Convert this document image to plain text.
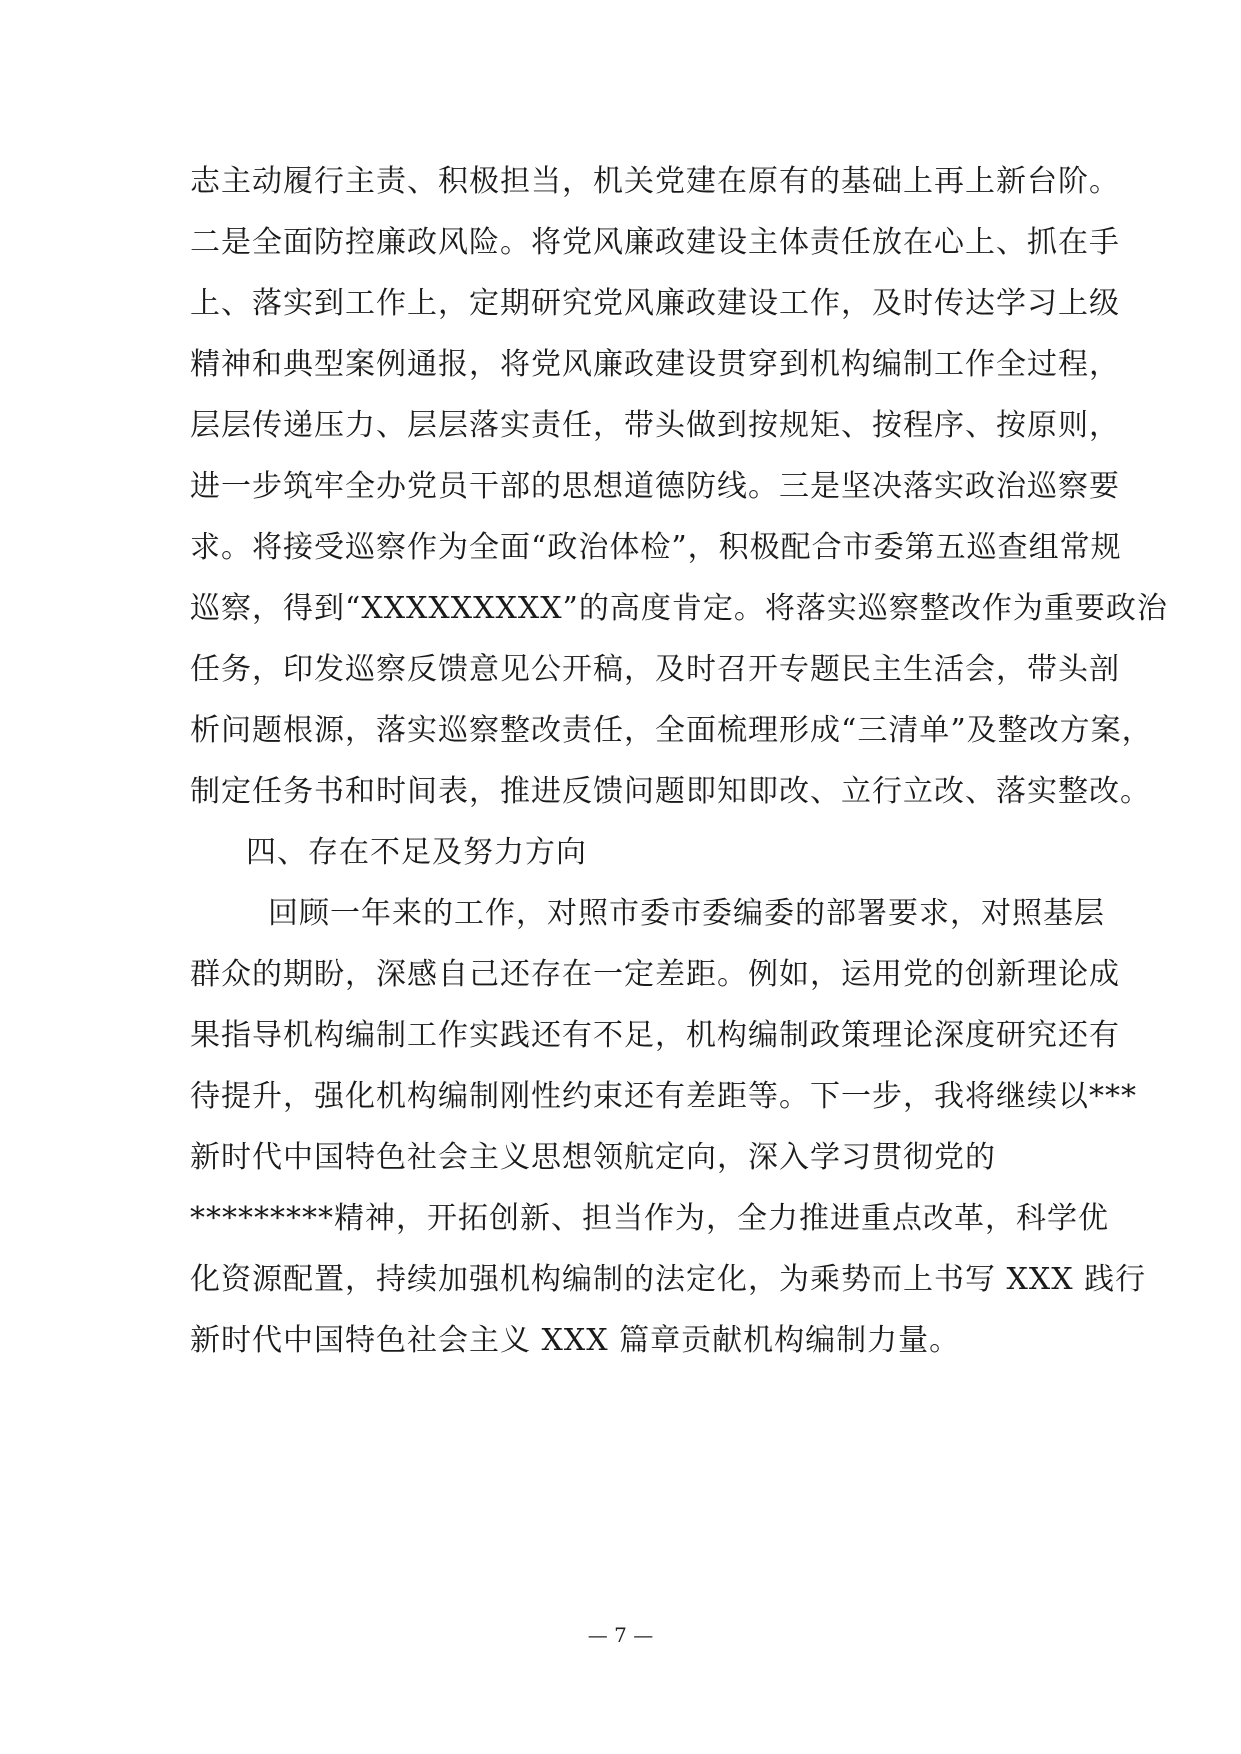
志主动履行主责、积极担当，机关党建在原有的基础上再上新台阶。
二是全面防控廉政风险。将党风廉政建设主体责任放在心上、抓在手
上、落实到工作上，定期研究党风廉政建设工作，及时传达学习上级
精神和典型案例通报，将党风廉政建设贯穿到机构编制工作全过程，
层层传递压力、层层落实责任，带头做到按规矩、按程序、按原则，
进一步筑牢全办党员干部的思想道德防线。三是坚决落实政治巡察要
求。将接受巡察作为全面“政治体检”，积极配合市委第五巡查组常规
巡察，得到“XXXXXXXXX”的高度肯定。将落实巡察整改作为重要政治
任务，印发巡察反馈意见公开稿，及时召开专题民主生活会，带头剖
析问题根源，落实巡察整改责任，全面梳理形成“三清单”及整改方案，
制定任务书和时间表，推进反馈问题即知即改、立行立改、落实整改。
四、存在不足及努力方向
回顾一年来的工作，对照市委市委编委的部署要求，对照基层
群众的期盼，深感自己还存在一定差距。例如，运用党的创新理论成
果指导机构编制工作实践还有不足，机构编制政策理论深度研究还有
待提升，强化机构编制刚性约束还有差距等。下一步，我将继续以***
新时代中国特色社会主义思想领航定向，深入学习贯彻党的
*********精神，开拓创新、担当作为，全力推进重点改革，科学优
化资源配置，持续加强机构编制的法定化，为乘势而上书写 XXX 践行
新时代中国特色社会主义 XXX 篇章贡献机构编制力量。
— 7 —
